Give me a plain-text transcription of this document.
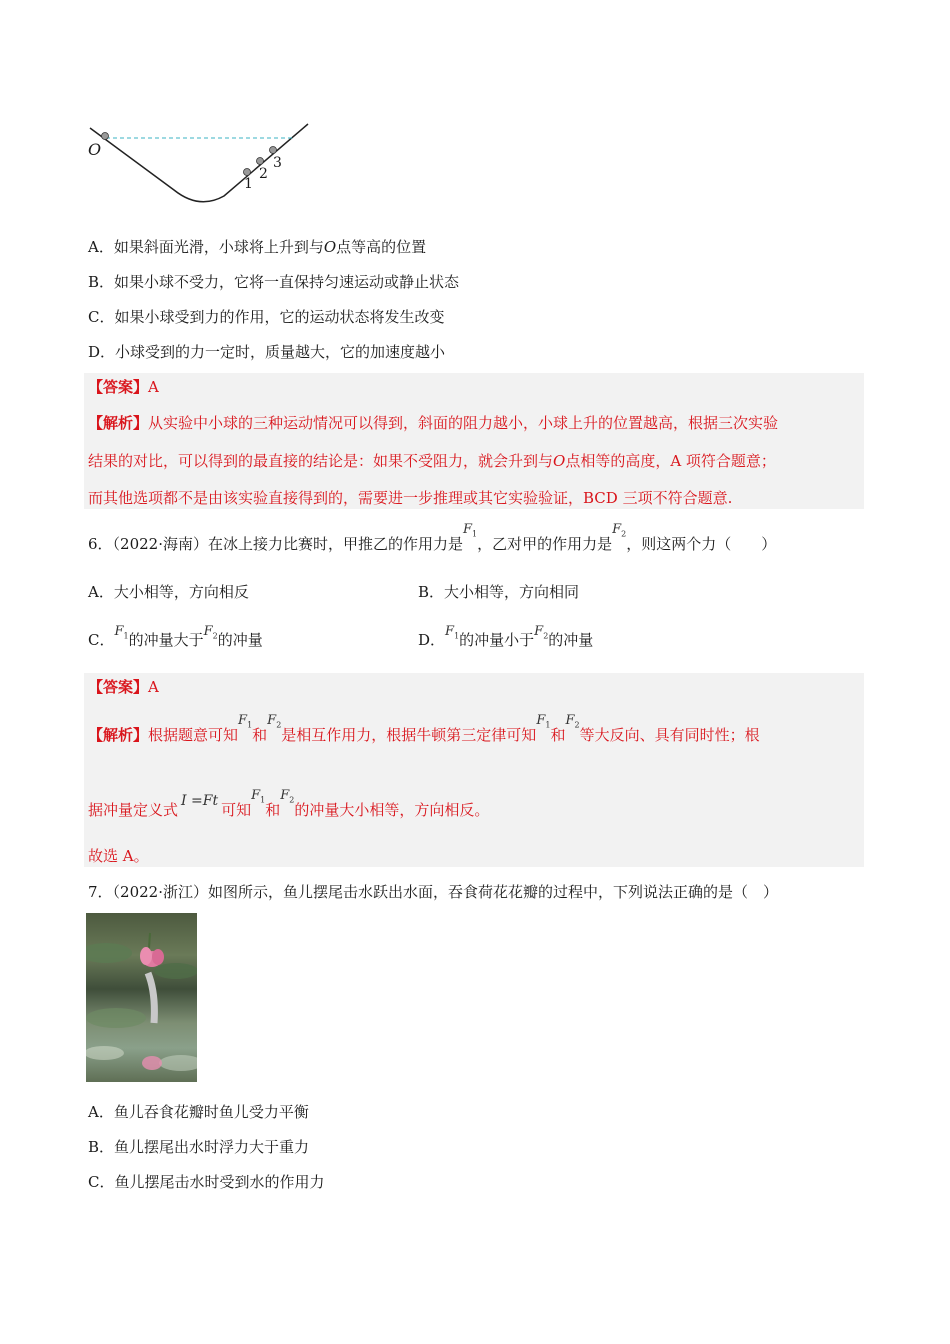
O
1
2
3
A．如果斜面光滑，小球将上升到与O点等高的位置
B．如果小球不受力，它将一直保持匀速运动或静止状态
C．如果小球受到力的作用，它的运动状态将发生改变
D．小球受到的力一定时，质量越大，它的加速度越小
【答案】A
【解析】从实验中小球的三种运动情况可以得到，斜面的阻力越小，小球上升的位置越高，根据三次实验
结果的对比，可以得到的最直接的结论是：如果不受阻力，就会升到与O点相等的高度，A 项符合题意；
而其他选项都不是由该实验直接得到的，需要进一步推理或其它实验验证，BCD 三项不符合题意.
6．（2022·海南）在冰上接力比赛时，甲推乙的作用力是$F_1$，乙对甲的作用力是$F_2$，则这两个力（　　）
A．大小相等，方向相反	B．大小相等，方向相同
C．$F_1$的冲量大于$F_2$的冲量	D．$F_1$的冲量小于$F_2$的冲量
【答案】A
【解析】根据题意可知$F_1$和$F_2$是相互作用力，根据牛顿第三定律可知$F_1$和$F_2$等大反向、具有同时性；根
据冲量定义式 I =Ft 可知$F_1$和$F_2$的冲量大小相等，方向相反。
故选 A。
7．（2022·浙江）如图所示，鱼儿摆尾击水跃出水面，吞食荷花花瓣的过程中，下列说法正确的是（　）
A．鱼儿吞食花瓣时鱼儿受力平衡
B．鱼儿摆尾出水时浮力大于重力
C．鱼儿摆尾击水时受到水的作用力
